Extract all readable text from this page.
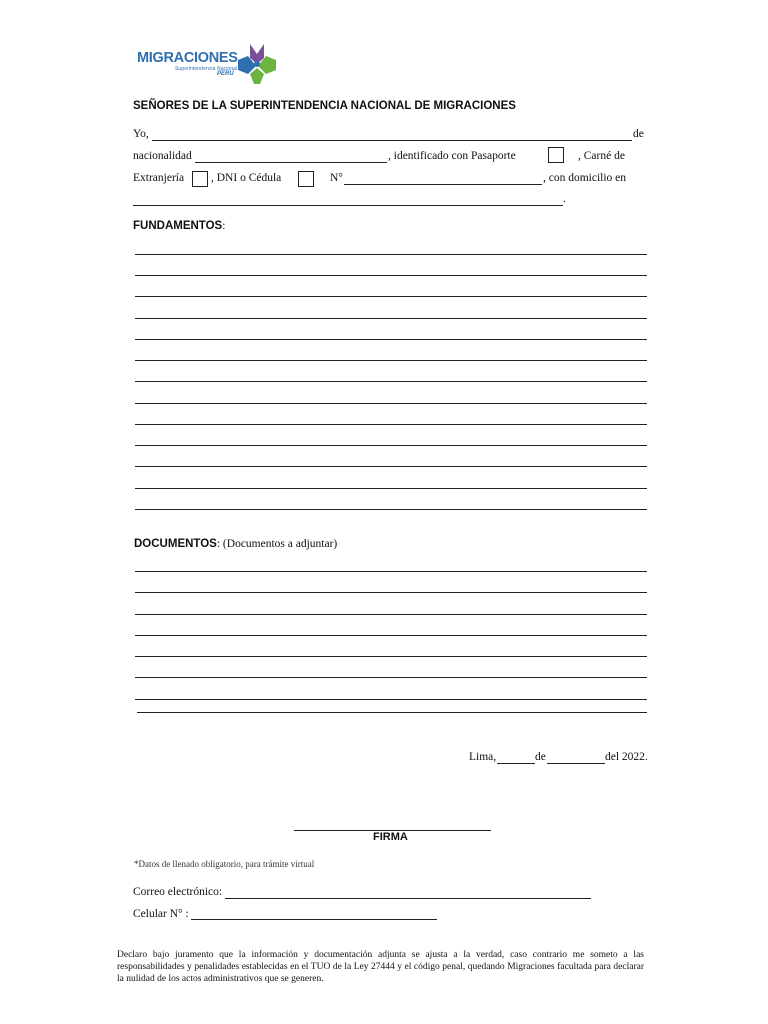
MIGRACIONES
Superintendencia Nacional
PERÚ
SEÑORES DE LA SUPERINTENDENCIA NACIONAL DE MIGRACIONES
Yo,	de
nacionalidad	, identificado con Pasaporte	, Carné de
Extranjería , DNI o Cédula	N°	, con domicilio en
.
FUNDAMENTOS:
DOCUMENTOS: (Documentos a adjuntar)
Lima,	de	del 2022.
FIRMA
*Datos de llenado obligatorio, para trámite virtual
Correo electrónico:
Celular N° :
Declaro bajo juramento que la información y documentación adjunta se ajusta a la verdad, caso contrario me someto a las responsabilidades y penalidades establecidas en el TUO de la Ley 27444 y el código penal, quedando Migraciones facultada para declarar la nulidad de los actos administrativos que se generen.
